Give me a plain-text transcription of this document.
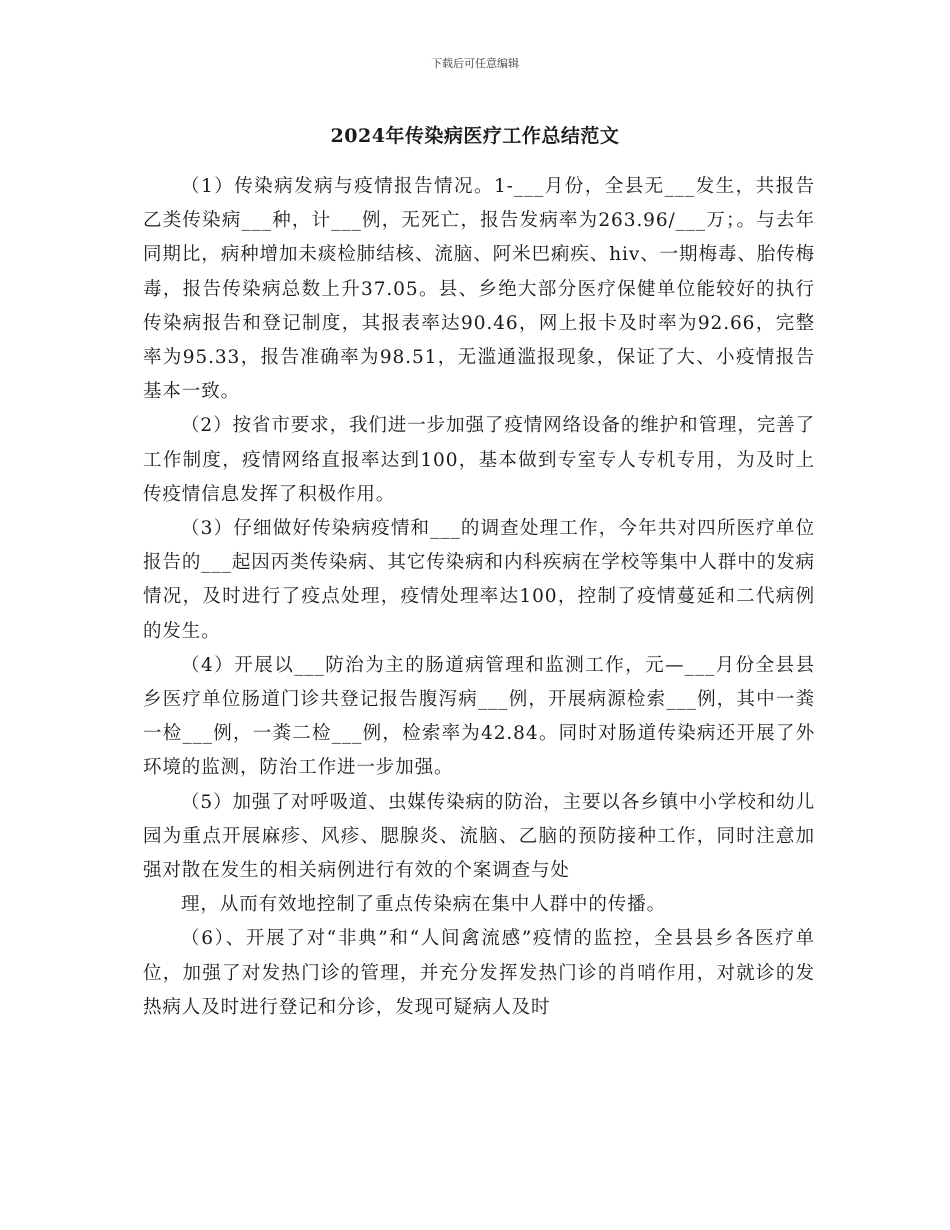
下载后可任意编辑
2024年传染病医疗工作总结范文

（1）传染病发病与疫情报告情况。1-___月份，全县无___发生，共报告乙类传染病___种，计___例，无死亡，报告发病率为263.96/___万；。与去年同期比，病种增加未痰检肺结核、流脑、阿米巴痢疾、hiv、一期梅毒、胎传梅毒，报告传染病总数上升37.05。县、乡绝大部分医疗保健单位能较好的执行传染病报告和登记制度，其报表率达90.46，网上报卡及时率为92.66，完整率为95.33，报告准确率为98.51，无滥通滥报现象，保证了大、小疫情报告基本一致。

（2）按省市要求，我们进一步加强了疫情网络设备的维护和管理，完善了工作制度，疫情网络直报率达到100，基本做到专室专人专机专用，为及时上传疫情信息发挥了积极作用。

（3）仔细做好传染病疫情和___的调查处理工作，今年共对四所医疗单位报告的___起因丙类传染病、其它传染病和内科疾病在学校等集中人群中的发病情况，及时进行了疫点处理，疫情处理率达100，控制了疫情蔓延和二代病例的发生。

（4）开展以___防治为主的肠道病管理和监测工作，元—___月份全县县乡医疗单位肠道门诊共登记报告腹泻病___例，开展病源检索___例，其中一粪一检___例，一粪二检___例，检索率为42.84。同时对肠道传染病还开展了外环境的监测，防治工作进一步加强。

（5）加强了对呼吸道、虫媒传染病的防治，主要以各乡镇中小学校和幼儿园为重点开展麻疹、风疹、腮腺炎、流脑、乙脑的预防接种工作，同时注意加强对散在发生的相关病例进行有效的个案调查与处

理，从而有效地控制了重点传染病在集中人群中的传播。

（6）、开展了对“非典”和“人间禽流感”疫情的监控，全县县乡各医疗单位，加强了对发热门诊的管理，并充分发挥发热门诊的肖哨作用，对就诊的发热病人及时进行登记和分诊，发现可疑病人及时
